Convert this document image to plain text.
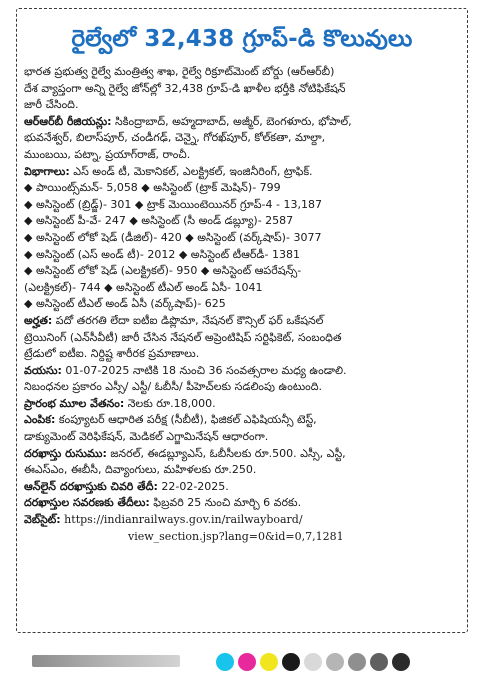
రైల్వేలో 32,438 గ్రూప్-డి కొలువులు
భారత ప్రభుత్వ రైల్వే మంత్రిత్వ శాఖ, రైల్వే రిక్రూట్‌మెంట్ బోర్డు (ఆర్‌ఆర్‌బీ)
దేశ వ్యాప్తంగా అన్ని రైల్వే జోన్‌ల్లో 32,438 గ్రూప్-డి ఖాళీల భర్తీకి నోటిఫికేషన్
జారీ చేసింది.
ఆర్‌ఆర్‌బీ రీజియన్లు: సికింద్రాబాద్, అహ్మదాబాద్, అజ్మీర్, బెంగళూరు, భోపాల్,
భువనేశ్వర్, బిలాస్‌పూర్, చండీగఢ్, చెన్నై, గోరఖ్‌పూర్, కోల్‌కతా, మాల్దా,
ముంబయి, పట్నా, ప్రయాగ్‌రాజ్, రాంచీ.
విభాగాలు: ఎస్ అండ్ టీ, మెకానికల్, ఎలక్ట్రికల్, ఇంజినీరింగ్, ట్రాఫిక్.
◆ పాయింట్స్‌మన్- 5,058 ◆ అసిస్టెంట్ (ట్రాక్ మెషిన్)- 799
◆ అసిస్టెంట్ (బ్రిడ్జ్)- 301 ◆ ట్రాక్ మెయింటెయినర్ గ్రూప్-4 - 13,187
◆ అసిస్టెంట్ పీ-వే- 247 ◆ అసిస్టెంట్ (సీ అండ్ డబ్ల్యూ)- 2587
◆ అసిస్టెంట్ లోకో షెడ్ (డీజిల్)- 420 ◆ అసిస్టెంట్ (వర్క్‌షాప్)- 3077
◆ అసిస్టెంట్ (ఎస్ అండ్ టీ)- 2012 ◆ అసిస్టెంట్ టీఆర్‌డీ- 1381
◆ అసిస్టెంట్ లోకో షెడ్ (ఎలక్ట్రికల్)- 950 ◆ అసిస్టెంట్ ఆపరేషన్స్-
(ఎలక్ట్రికల్)- 744 ◆ అసిస్టెంట్ టీఎల్ అండ్ ఏసీ- 1041
◆ అసిస్టెంట్ టీఎల్ అండ్ ఏసీ (వర్క్‌షాప్)- 625
అర్హత: పదో తరగతి లేదా ఐటీఐ డిప్లొమా, నేషనల్ కౌన్సిల్ ఫర్ ఒకేషనల్
ట్రెయినింగ్ (ఎన్‌సీవీటీ) జారీ చేసిన నేషనల్ అప్రెంటిషిప్ సర్టిఫికెట్, సంబంధిత
ట్రేడులో ఐటీఐ. నిర్దిష్ట శారీరక ప్రమాణాలు.
వయసు: 01-07-2025 నాటికి 18 నుంచి 36 సంవత్సరాల మధ్య ఉండాలి.
నిబంధనల ప్రకారం ఎస్సీ/ ఎస్టీ/ ఓబీసీ/ పీహెచ్‌లకు సడలింపు ఉంటుంది.
ప్రారంభ మూల వేతనం: నెలకు రూ.18,000.
ఎంపిక: కంప్యూటర్ ఆధారిత పరీక్ష (సీబీటీ), ఫిజికల్ ఎఫిషియన్సీ టెస్ట్,
డాక్యుమెంట్ వెరిఫికేషన్, మెడికల్ ఎగ్జామినేషన్ ఆధారంగా.
దరఖాస్తు రుసుము: జనరల్, ఈడబ్ల్యూఎస్, ఓబీసీలకు రూ.500. ఎస్సీ, ఎస్టీ,
ఈఎస్‌ఎం, ఈబీసీ, దివ్యాంగులు, మహిళలకు రూ.250.
ఆన్‌లైన్ దరఖాస్తుకు చివరి తేదీ: 22-02-2025.
దరఖాస్తుల సవరణకు తేదీలు: ఫిబ్రవరి 25 నుంచి మార్చి 6 వరకు.
వెబ్‌సైట్: https://indianrailways.gov.in/railwayboard/
view_section.jsp?lang=0&id=0,7,1281
